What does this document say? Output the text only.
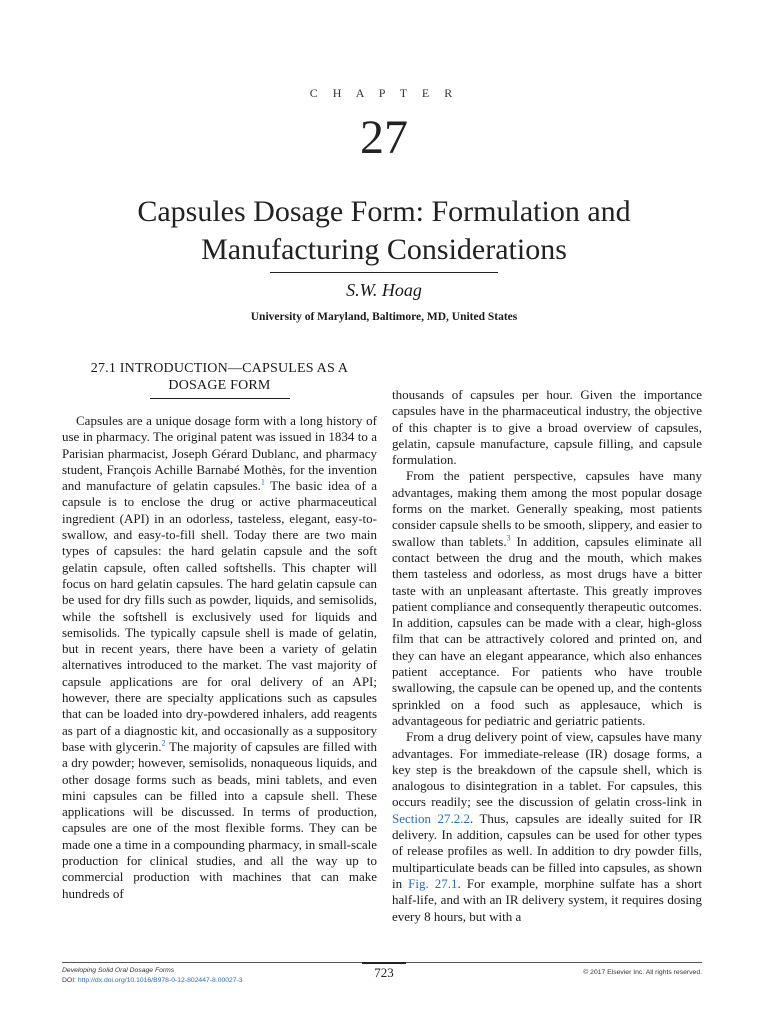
C H A P T E R
27
Capsules Dosage Form: Formulation and
Manufacturing Considerations
S.W. Hoag
University of Maryland, Baltimore, MD, United States
27.1 INTRODUCTION—CAPSULES AS A
DOSAGE FORM

Capsules are a unique dosage form with a long history of use in pharmacy. The original patent was issued in 1834 to a Parisian pharmacist, Joseph Gérard Dublanc, and pharmacy student, François Achille Barnabé Mothès, for the invention and manufacture of gelatin capsules.$^1$ The basic idea of a capsule is to enclose the drug or active pharmaceutical ingredient (API) in an odorless, tasteless, elegant, easy-to-swallow, and easy-to-fill shell. Today there are two main types of capsules: the hard gelatin capsule and the soft gelatin capsule, often called softshells. This chapter will focus on hard gelatin capsules. The hard gelatin capsule can be used for dry fills such as powder, liquids, and semisolids, while the softshell is exclusively used for liquids and semisolids. The typically capsule shell is made of gelatin, but in recent years, there have been a variety of gelatin alternatives introduced to the market. The vast majority of capsule applications are for oral delivery of an API; however, there are specialty applications such as capsules that can be loaded into dry-powdered inhalers, add reagents as part of a diagnostic kit, and occasionally as a suppository base with glycerin.$^2$ The majority of capsules are filled with a dry powder; however, semisolids, nonaqueous liquids, and other dosage forms such as beads, mini tablets, and even mini capsules can be filled into a capsule shell. These applications will be discussed. In terms of production, capsules are one of the most flexible forms. They can be made one a time in a compounding pharmacy, in small-scale production for clinical studies, and all the way up to commercial production with machines that can make hundreds of

thousands of capsules per hour. Given the importance capsules have in the pharmaceutical industry, the objective of this chapter is to give a broad overview of capsules, gelatin, capsule manufacture, capsule filling, and capsule formulation.

From the patient perspective, capsules have many advantages, making them among the most popular dosage forms on the market. Generally speaking, most patients consider capsule shells to be smooth, slippery, and easier to swallow than tablets.$^3$ In addition, capsules eliminate all contact between the drug and the mouth, which makes them tasteless and odorless, as most drugs have a bitter taste with an unpleasant aftertaste. This greatly improves patient compliance and consequently therapeutic outcomes. In addition, capsules can be made with a clear, high-gloss film that can be attractively colored and printed on, and they can have an elegant appearance, which also enhances patient acceptance. For patients who have trouble swallowing, the capsule can be opened up, and the contents sprinkled on a food such as applesauce, which is advantageous for pediatric and geriatric patients.

From a drug delivery point of view, capsules have many advantages. For immediate-release (IR) dosage forms, a key step is the breakdown of the capsule shell, which is analogous to disintegration in a tablet. For capsules, this occurs readily; see the discussion of gelatin cross-link in Section 27.2.2. Thus, capsules are ideally suited for IR delivery. In addition, capsules can be used for other types of release profiles as well. In addition to dry powder fills, multiparticulate beads can be filled into capsules, as shown in Fig. 27.1. For example, morphine sulfate has a short half-life, and with an IR delivery system, it requires dosing every 8 hours, but with a

Developing Solid Oral Dosage Forms
DOI: http://dx.doi.org/10.1016/B978-0-12-802447-8.00027-3
723	© 2017 Elsevier Inc. All rights reserved.
